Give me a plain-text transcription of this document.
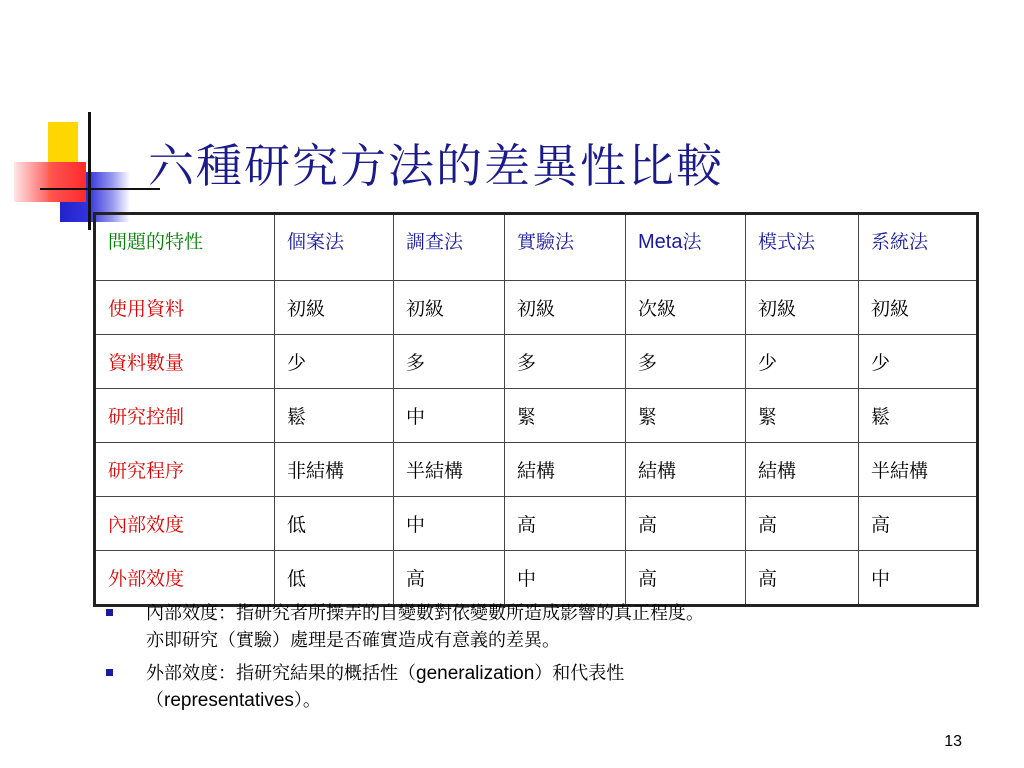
六種研究方法的差異性比較
問題的特性	個案法	調查法	實驗法	Meta法	模式法	系統法
使用資料	初級	初級	初級	次級	初級	初級
資料數量	少	多	多	多	少	少
研究控制	鬆	中	緊	緊	緊	鬆
研究程序	非結構	半結構	結構	結構	結構	半結構
內部效度	低	中	高	高	高	高
外部效度	低	高	中	高	高	中
內部效度：指研究者所操弄的自變數對依變數所造成影響的真正程度。
亦即研究（實驗）處理是否確實造成有意義的差異。
外部效度：指研究結果的概括性（generalization）和代表性
（representatives）。
13
